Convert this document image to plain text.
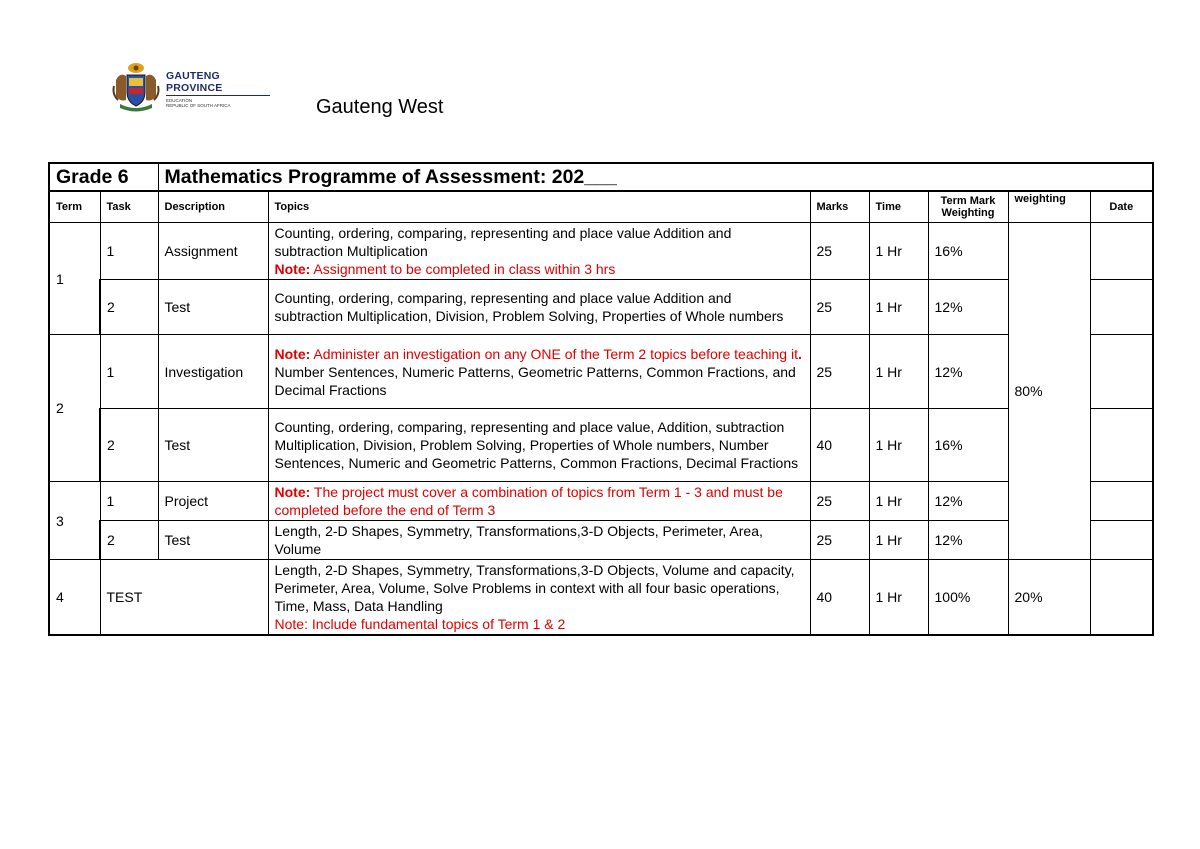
GAUTENG PROVINCE
EDUCATION
REPUBLIC OF SOUTH AFRICA	Gauteng West
Grade 6		Mathematics Programme of Assessment: 202___						
Term	Task	Description	Topics	Marks	Time	Term Mark Weighting	weighting	Date
1	1	Assignment	Counting, ordering, comparing, representing and place value Addition and subtraction Multiplication
Note: Assignment to be completed in class within 3 hrs	25	1 Hr	16%	80%	
	2	Test	Counting, ordering, comparing, representing and place value Addition and subtraction Multiplication, Division, Problem Solving, Properties of Whole numbers	25	1 Hr	12%		
2	1	Investigation	Note: Administer an investigation on any ONE of the Term 2 topics before teaching it.
Number Sentences, Numeric Patterns, Geometric Patterns, Common Fractions, and Decimal Fractions	25	1 Hr	12%		
	2	Test	Counting, ordering, comparing, representing and place value, Addition, subtraction Multiplication, Division, Problem Solving, Properties of Whole numbers, Number Sentences, Numeric and Geometric Patterns, Common Fractions, Decimal Fractions	40	1 Hr	16%		
3	1	Project	Note: The project must cover a combination of topics from Term 1 - 3 and must be completed before the end of Term 3	25	1 Hr	12%		
	2	Test	Length, 2-D Shapes, Symmetry, Transformations,3-D Objects, Perimeter, Area, Volume	25	1 Hr	12%		
4	TEST		Length, 2-D Shapes, Symmetry, Transformations,3-D Objects, Volume and capacity, Perimeter, Area, Volume, Solve Problems in context with all four basic operations, Time, Mass, Data Handling
Note: Include fundamental topics of Term 1 & 2	40	1 Hr	100%	20%	
